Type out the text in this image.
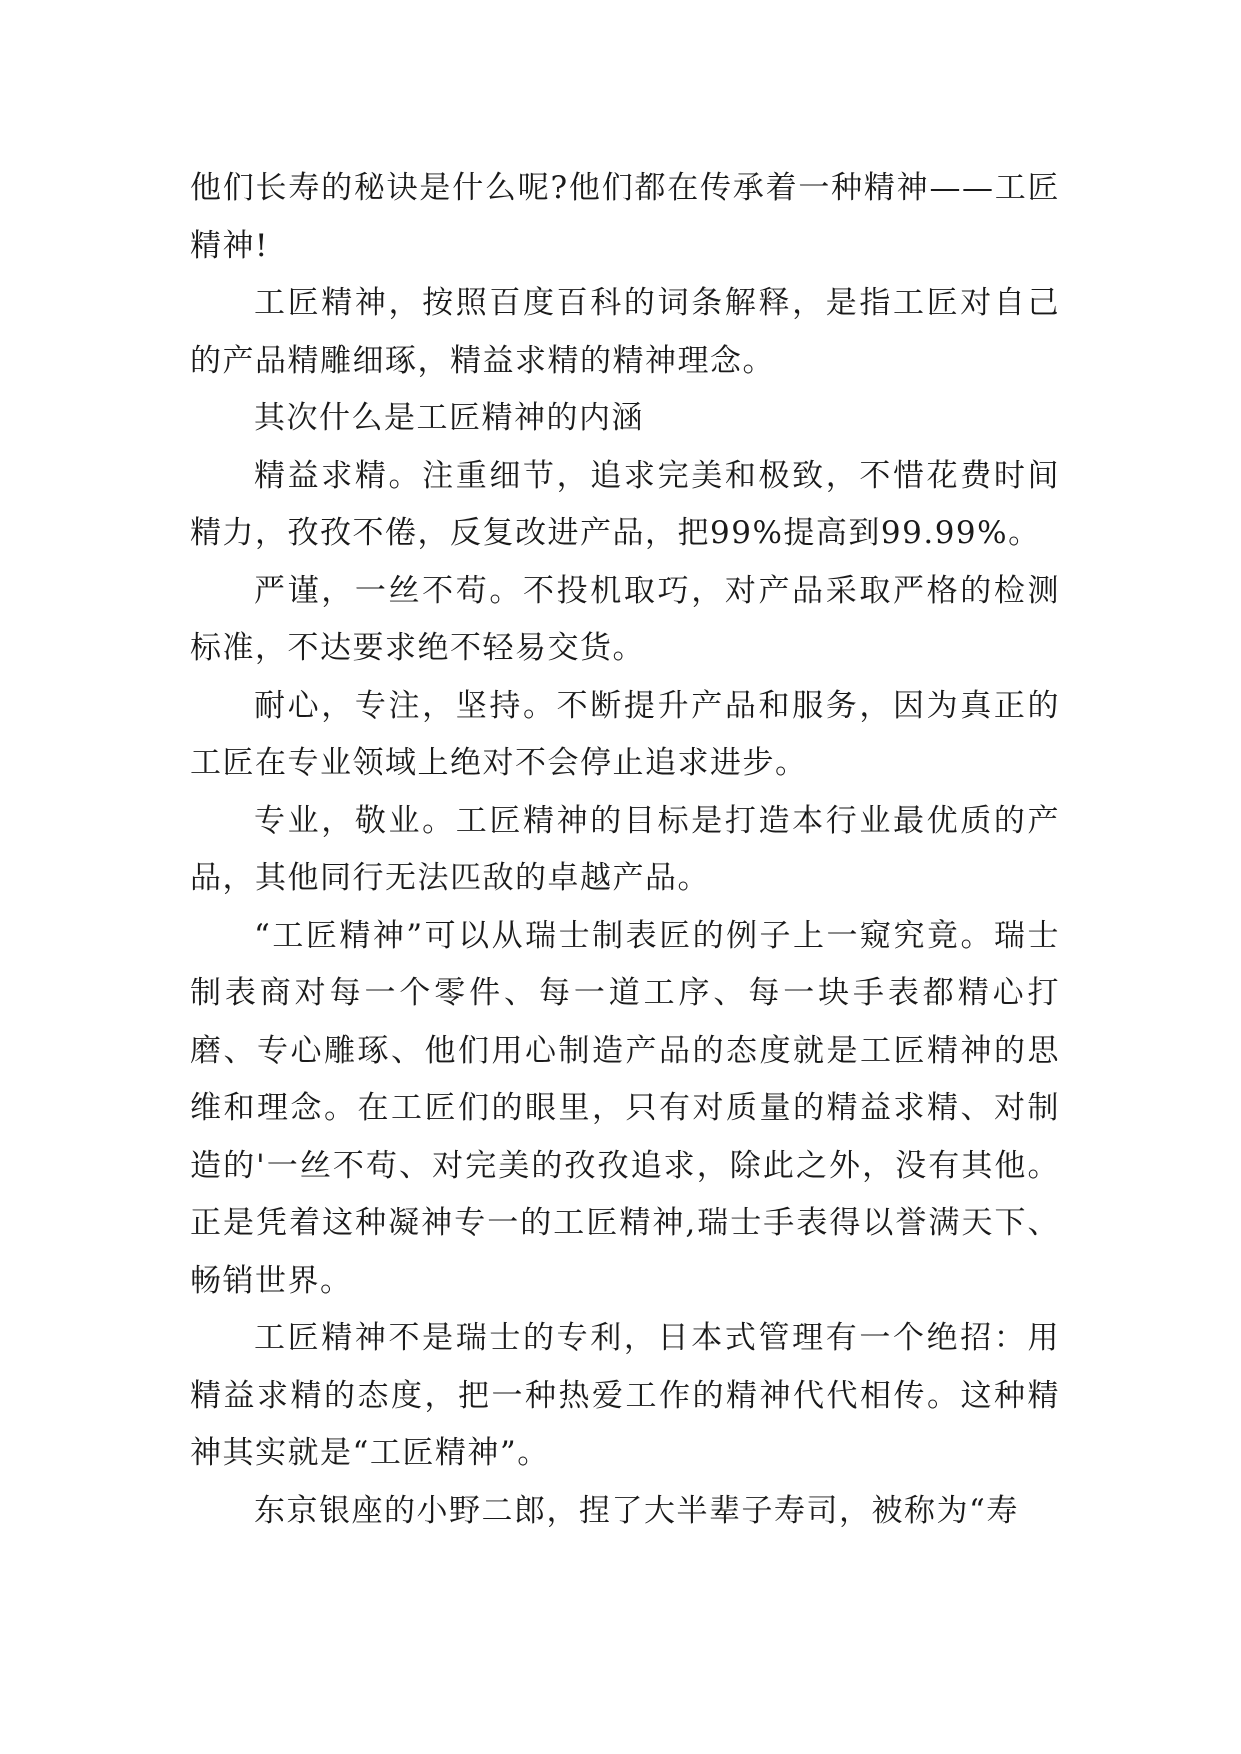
他们长寿的秘诀是什么呢?他们都在传承着一种精神——工匠精神!

工匠精神，按照百度百科的词条解释，是指工匠对自己的产品精雕细琢，精益求精的精神理念。

其次什么是工匠精神的内涵

精益求精。注重细节，追求完美和极致，不惜花费时间精力，孜孜不倦，反复改进产品，把99%提高到99.99%。

严谨，一丝不苟。不投机取巧，对产品采取严格的检测标准，不达要求绝不轻易交货。

耐心，专注，坚持。不断提升产品和服务，因为真正的工匠在专业领域上绝对不会停止追求进步。

专业，敬业。工匠精神的目标是打造本行业最优质的产品，其他同行无法匹敌的卓越产品。

“工匠精神”可以从瑞士制表匠的例子上一窥究竟。瑞士制表商对每一个零件、每一道工序、每一块手表都精心打磨、专心雕琢、他们用心制造产品的态度就是工匠精神的思维和理念。在工匠们的眼里，只有对质量的精益求精、对制造的'一丝不苟、对完美的孜孜追求，除此之外，没有其他。正是凭着这种凝神专一的工匠精神,瑞士手表得以誉满天下、畅销世界。

工匠精神不是瑞士的专利，日本式管理有一个绝招：用精益求精的态度，把一种热爱工作的精神代代相传。这种精神其实就是“工匠精神”。

东京银座的小野二郎，捏了大半辈子寿司，被称为“寿
